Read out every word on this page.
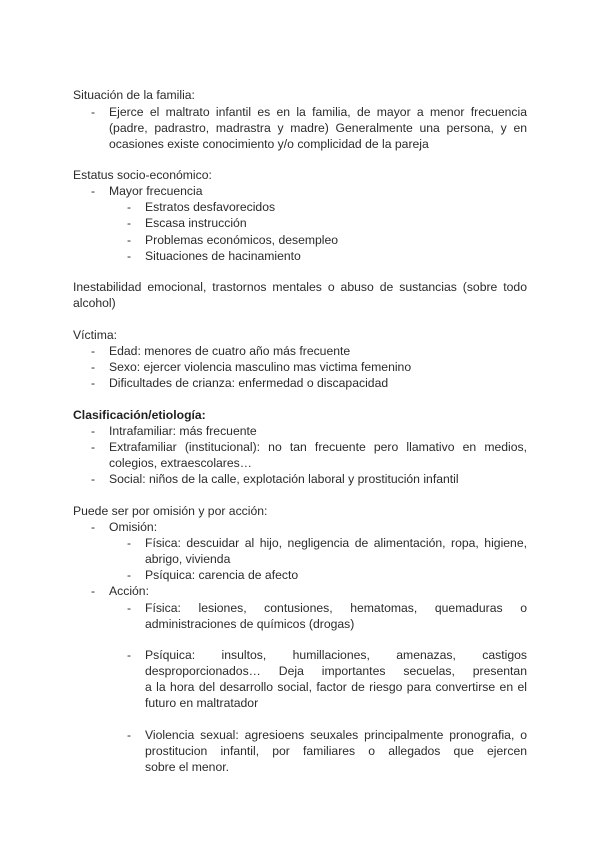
Situación de la familia:
- Ejerce el maltrato infantil es en la familia, de mayor a menor frecuencia
(padre, padrastro, madrastra y madre) Generalmente una persona, y en
ocasiones existe conocimiento y/o complicidad de la pareja
Estatus socio-económico:
- Mayor frecuencia
- Estratos desfavorecidos
- Escasa instrucción
- Problemas económicos, desempleo
- Situaciones de hacinamiento
Inestabilidad emocional, trastornos mentales o abuso de sustancias (sobre todo
alcohol)
Víctima:
- Edad: menores de cuatro año más frecuente
- Sexo: ejercer violencia masculino mas victima femenino
- Dificultades de crianza: enfermedad o discapacidad
Clasificación/etiología:
- Intrafamiliar: más frecuente
- Extrafamiliar (institucional): no tan frecuente pero llamativo en medios,
colegios, extraescolares…
- Social: niños de la calle, explotación laboral y prostitución infantil
Puede ser por omisión y por acción:
- Omisión:
- Física: descuidar al hijo, negligencia de alimentación, ropa, higiene,
abrigo, vivienda
- Psíquica: carencia de afecto
- Acción:
- Física: lesiones, contusiones, hematomas, quemaduras o
administraciones de químicos (drogas)
- Psíquica: insultos, humillaciones, amenazas, castigos
desproporcionados… Deja importantes secuelas, presentan
a la hora del desarrollo social, factor de riesgo para convertirse en el
futuro en maltratador
- Violencia sexual: agresioens seuxales principalmente pronografia, o
prostitucion infantil, por familiares o allegados que ejercen
sobre el menor.
